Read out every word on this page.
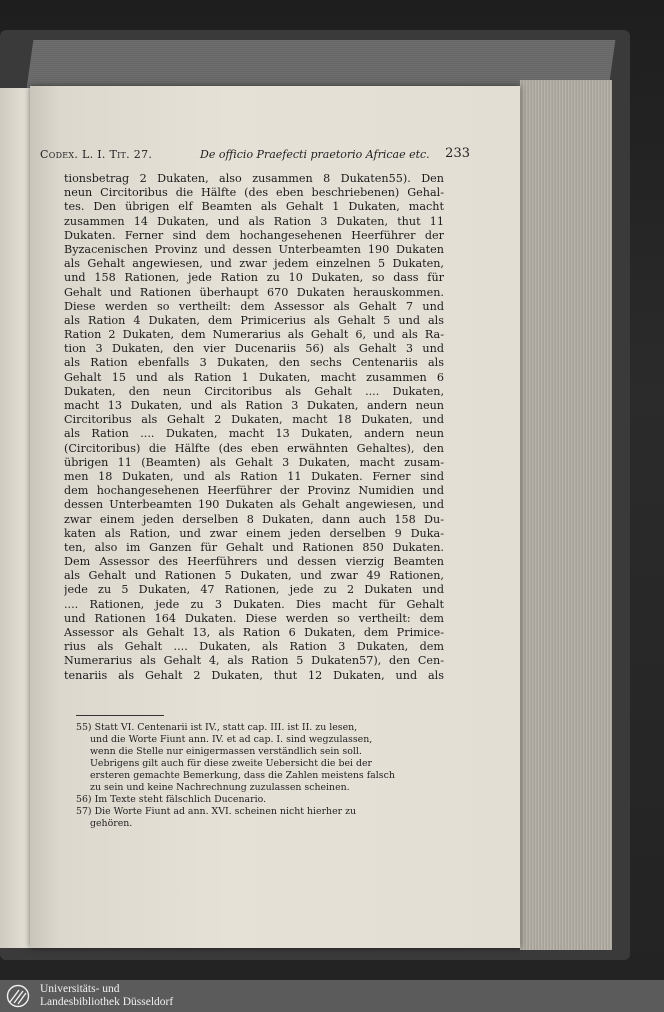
Codex. L. I. Tit. 27.	De officio Praefecti praetorio Africae etc. 233
tionsbetrag 2 Dukaten, also zusammen 8 Dukaten55). Den
neun Circitoribus die Hälfte (des eben beschriebenen) Gehal-
tes. Den übrigen elf Beamten als Gehalt 1 Dukaten, macht
zusammen 14 Dukaten, und als Ration 3 Dukaten, thut 11
Dukaten. Ferner sind dem hochangesehenen Heerführer der
Byzacenischen Provinz und dessen Unterbeamten 190 Dukaten
als Gehalt angewiesen, und zwar jedem einzelnen 5 Dukaten,
und 158 Rationen, jede Ration zu 10 Dukaten, so dass für
Gehalt und Rationen überhaupt 670 Dukaten herauskommen.
Diese werden so vertheilt: dem Assessor als Gehalt 7 und
als Ration 4 Dukaten, dem Primicerius als Gehalt 5 und als
Ration 2 Dukaten, dem Numerarius als Gehalt 6, und als Ra-
tion 3 Dukaten, den vier Ducenariis 56) als Gehalt 3 und
als Ration ebenfalls 3 Dukaten, den sechs Centenariis als
Gehalt 15 und als Ration 1 Dukaten, macht zusammen 6
Dukaten, den neun Circitoribus als Gehalt .... Dukaten,
macht 13 Dukaten, und als Ration 3 Dukaten, andern neun
Circitoribus als Gehalt 2 Dukaten, macht 18 Dukaten, und
als Ration .... Dukaten, macht 13 Dukaten, andern neun
(Circitoribus) die Hälfte (des eben erwähnten Gehaltes), den
übrigen 11 (Beamten) als Gehalt 3 Dukaten, macht zusam-
men 18 Dukaten, und als Ration 11 Dukaten. Ferner sind
dem hochangesehenen Heerführer der Provinz Numidien und
dessen Unterbeamten 190 Dukaten als Gehalt angewiesen, und
zwar einem jeden derselben 8 Dukaten, dann auch 158 Du-
katen als Ration, und zwar einem jeden derselben 9 Duka-
ten, also im Ganzen für Gehalt und Rationen 850 Dukaten.
Dem Assessor des Heerführers und dessen vierzig Beamten
als Gehalt und Rationen 5 Dukaten, und zwar 49 Rationen,
jede zu 5 Dukaten, 47 Rationen, jede zu 2 Dukaten und
.... Rationen, jede zu 3 Dukaten. Dies macht für Gehalt
und Rationen 164 Dukaten. Diese werden so vertheilt: dem
Assessor als Gehalt 13, als Ration 6 Dukaten, dem Primice-
rius als Gehalt .... Dukaten, als Ration 3 Dukaten, dem
Numerarius als Gehalt 4, als Ration 5 Dukaten57), den Cen-
tenariis als Gehalt 2 Dukaten, thut 12 Dukaten, und als
55) Statt VI. Centenarii ist IV., statt cap. III. ist II. zu lesen,
und die Worte Fiunt ann. IV. et ad cap. I. sind wegzulassen,
wenn die Stelle nur einigermassen verständlich sein soll.
Uebrigens gilt auch für diese zweite Uebersicht die bei der
ersteren gemachte Bemerkung, dass die Zahlen meistens falsch
zu sein und keine Nachrechnung zuzulassen scheinen.
56) Im Texte steht fälschlich Ducenario.
57) Die Worte Fiunt ad ann. XVI. scheinen nicht hierher zu
gehören.
Universitäts- und
Landesbibliothek Düsseldorf
